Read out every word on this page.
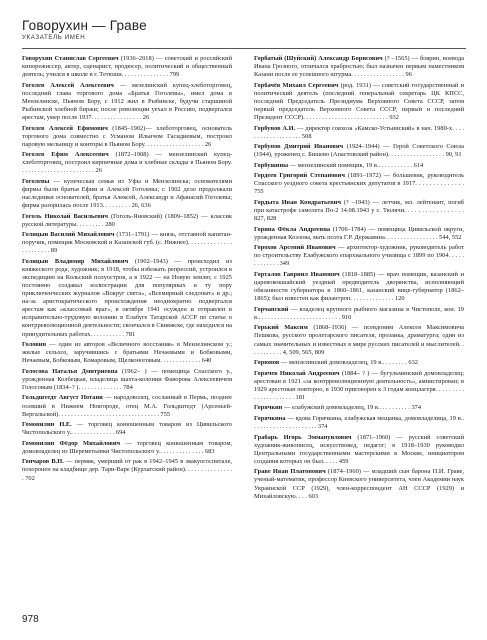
Говорухин — Граве
УКАЗАТЕЛЬ ИМЕН

Говорухин Станислав Сергеевич (1936–2018) — советский и российский кинорежиссер, актер, сценарист, продюсер, политический и общественный деятель; учился в школе в г. Тетюши. . . . . . . . . . . . . . . 799

Гоголев Алексей Алексеевич — мезелинский купец-хлеботорговец, последний глава торгового дома «Братья Гоголевы», имел дома в Мензелинске, Пьяном Бору, с 1912 жил в Рыбинске, будучи старшиной Рыбинской хлебной биржи; после революции уехал в Россию, подвергался арестам, умер после 1937. . . . . . . . . . . . . . . . 26

Гоголев Алексей Ефимович (1845–1902)— хлеботорговец, основатель торгового дома совместно с Усманом Ильичом Гасидиевым, построил паровую мельницу и конторы в Пьяном Бору. . . . . . . . . . . . . . . . . . . 26

Гоголев Ефим Алексеевич (1872–1908) — мензелинский купец-хлеботорговец, построил кирпичные дома и хлебные склады в Пьяном Бору. . . . . . . . . . . . . . . . . . . . . . . . 26

Гоголевы — купеческая семья из Уфы и Мензелинска; основателями фирмы были братья Ефим и Алексей Гоголевы; с 1902 дело продолжали наследники основателей, братья Алексей, Александр и Афанасий Гоголевы; фирма разорилась после 1913. . . . . . . . . 26, 636

Гоголь Николай Васильевич (Гоголь-Яновский) (1809–1852) — классик русской литературы. . . . . . . . . 280

Голицын Василий Михайлович (1731–1791) — князь, отставной капитан-поручик, помещик Московской и Казанской губ. (с. Нижнее). . . . . . . . . . . . . . . . . . . . . . . 89

Голицын Владимир Михайлович (1902–1943) — происходил из княжеского рода, художник; в 1918, чтобы избежать репрессий, устроился в экспедицию на Кольский полуостров, а в 1922 — на Новую землю; с 1925 постоянно создавал иллюстрации для популярных в ту пору приключенческих журналов «Вокруг света», «Всемирный следопыт» и др.; на-за аристократического происхождения неоднократно подвергался арестам как «классовый враг», в октябре 1941 осужден и отправлен в исправительно-трудовую колонию в Елабуге Татарской АССР по статье о контрреволюционной деятельности; скончался в Свияжске, где находился на принудительных работах. . . . . . . . . . . 781

Головин — один из авторов «Величного восстания» в Мензелинском у.; жилые сельхоз, заручившись с братьями Нечаевыми и Бобковыми, Нечаевым, Бобковым, Комаровым, Щелконоговым. . . . . . . . . . . . . 640

Голосова Наталья Дмитриевна (1962– ) — помещица Спасского у., урожденная Колбецкая, владелица шахта-колонии Фаворова Алексеевичем Голосовым (1834–? ). . . . . . . . . . . . . . 784

Гольдштедт Август Нотани — народоволец, сосланный в Пермь, позднее осевший в Нижнем Новгороде, отец М.А. Гольдштедт (Арсеньей-Вергальской). . . . . . . . . . . . . . . . . . . . . . . . . . . . . . . . 755

Гомонилин Н.Е. — торговец конюшенным товаром из Цивильского Чистопольского у.. . . . . . . . . . . . . . 694

Гомонилин Фёдор Михайлович — торговец конюшенным товаром, домовладелец из Шереметьевки Чистопольского у.. . . . . . . . . . . . . . 683

Гончаров В.Н. — пермяк, умерший от рак в 1942–1945 в эвакуогоспитале, похоронен на кладбище дер. Тари-Варе (Курлатский район). . . . . . . . . . . . . . . . 702

Горбатый (Шуйский) Александр Борисович (? –1565) — боярин, воевода Ивана Грозного, отличался храбростью; был назначен первым наместником Казани после ее успешного штурма. . . . . . . . . . . . . . . . . 96

Горбачёв Михаил Сергеевич (род. 1931) — советский государственный и политический деятель (последний генеральный секретарь ЦК КПСС, последний Председатель Президиума Верховного Совета СССР, затем первый председатель Верховного Совета СССР, первый и последний Президент СССР). . . . . . . . . . . . . . . . . . . . . . . . . . . 932

Горбунов А.И. — директор совхоза «Камско-Устьинский» в нач. 1980-х. . . . . . . . . . . . . . . . . . . 508

Горбунов Дмитрий Иванович (1924–1944) — Герой Советского Союза (1944), уроженец с. Бишево (Апастовский район). . . . . . . . . . . . . . . . . . 90, 91

Горбушины — мензелинский помещик, 19 в.. . . . . . . . . . . 614

Гордеев Григорий Степанович (1891–1972) — большевик, руководитель Спасского уездного совета крестьянских депутатов в 1917. . . . . . . . . . . . . . 755

Гордыта Иван Кондратьевич (? –1943) — летчик, мл. лейтенант, погиб при катастрофе самолета По-2 14.08.1943 у с. Тюлячи. . . . . . . . . . . . . . . . . 827, 828

Горина Фёкла Андреевна (1706–1784) — помещица Цивильской округи, урожденная Козлова, мать поэта Г.Р. Державина. . . . . . . . . . . . . . . . . 544, 552

Горохов Арсений Иванович — архитектор-художник, руководитель работ по строительству Елабужского епархиального училища с 1899 по 1904. . . . . . . . . . . . . 349

Горталов Гавриил Иванович (1818–1885) — врач помещик, казанский и царевококшайский уездный предводитель дворянства, исполняющий обязанности губернатора в 1860–1861, казанский вице-губернатор (1862–1865); был известен как филантроп. . . . . . . . . . . . . . 120

Горчанский — владелец крупного рыбного магазина в Чистополе, кон. 19 в.. . . . . . . . . . . . . . . . . . . . . . . . . . 910

Горький Максим (1868–1936) — псевдоним Алексея Максимовича Пешкова, русского пролетарского писателя, прозаика, драматурга; один из самых значительных и известных в мире русских писателей и мыслителей. . . . . . . . . . . 4, 509, 565, 809

Горюнов — мензелинский домовладелец, 19 в.. . . . . . . . 632

Горячев Николай Андреевич (1884– ? ) — бугульминский домовладелец; арестован в 1921 «за контрреволюционную деятельность», амнистирован; в 1929 арестован повторно, в 1930 приговорен к 3 годам концлагеря. . . . . . . . . . . . . . . . . . . . . . 181

Горячкин — елабужский домовладелец, 19 в.. . . . . . . . . . 374

Горячкина — вдова Горячкина, елабужская мещанка, домовладелица, 19 в.. . . . . . . . . . . . . . . . . . . . . 374

Грабарь Игорь Эммануилович (1871–1960) — русский советский художник-живописец, искусствовед, педагог; в 1918–1930 руководил Центральными государственными мастерскими в Москве, инициатором создания которых он был. . . . . 459

Граве Иван Платонович (1874–1960) — младший сын барона П.И. Граве, ученый-математик, профессор Киевского университета, член Академии наук Украинской ССР (1929), член-корреспондент АН СССР (1929) и Михайловскую. . . . 603

978
